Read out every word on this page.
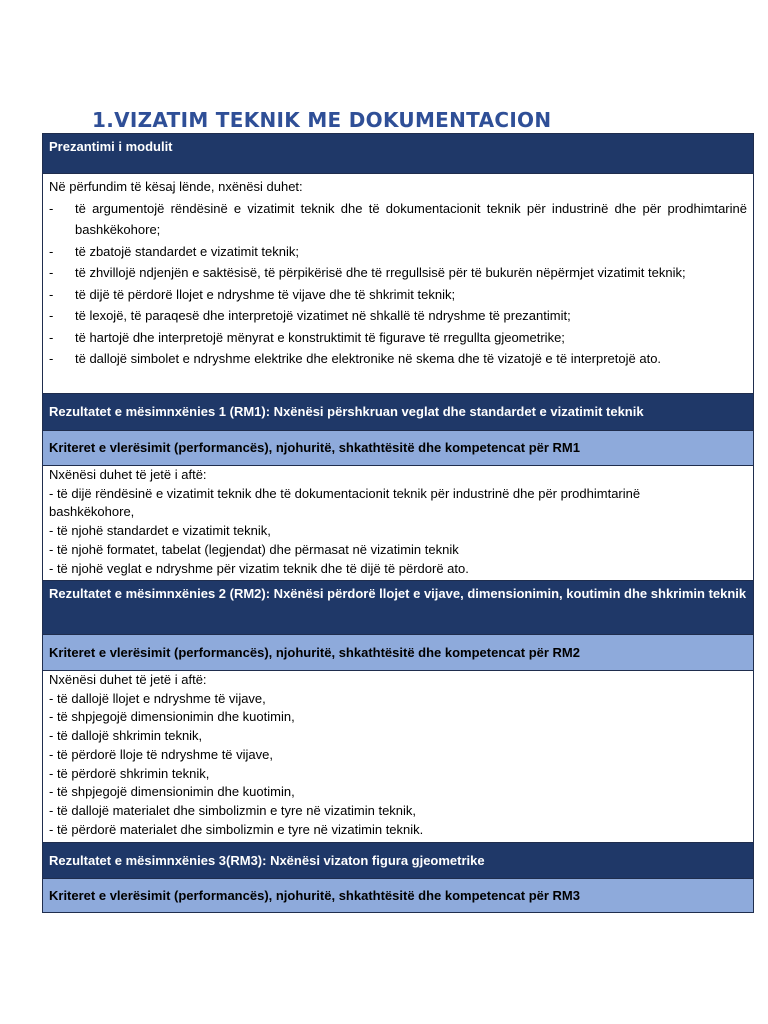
1.VIZATIM TEKNIK ME DOKUMENTACION
Prezantimi i modulit
Në përfundim të kësaj lënde, nxënësi duhet:
-	të argumentojë rëndësinë e vizatimit teknik dhe të dokumentacionit teknik për industrinë dhe për prodhimtarinë bashkëkohore;
-	të zbatojë standardet e vizatimit teknik;
-	të zhvillojë ndjenjën e saktësisë, të përpikërisë dhe të rregullsisë për të bukurën nëpërmjet vizatimit teknik;
-	të dijë të përdorë llojet e ndryshme të vijave dhe të shkrimit teknik;
-	të lexojë, të paraqesë dhe interpretojë vizatimet në shkallë të ndryshme të prezantimit;
-	të hartojë dhe interpretojë mënyrat e konstruktimit të figurave të rregullta gjeometrike;
-	të dallojë simbolet e ndryshme elektrike dhe elektronike në skema dhe të vizatojë e të interpretojë ato.
Rezultatet e mësimnxënies 1 (RM1): Nxënësi përshkruan veglat dhe standardet e vizatimit teknik
Kriteret e vlerësimit (performancës), njohuritë, shkathtësitë dhe kompetencat për RM1
Nxënësi duhet të jetë i aftë:
- të dijë rëndësinë e vizatimit teknik dhe të dokumentacionit teknik për industrinë dhe për prodhimtarinë
bashkëkohore,
- të njohë standardet e vizatimit teknik,
- të njohë formatet, tabelat (legjendat) dhe përmasat në vizatimin teknik
- të njohë veglat e ndryshme për vizatim teknik dhe të dijë të përdorë ato.
Rezultatet e mësimnxënies 2 (RM2): Nxënësi përdorë llojet e vijave, dimensionimin, koutimin dhe shkrimin teknik
Kriteret e vlerësimit (performancës), njohuritë, shkathtësitë dhe kompetencat për RM2
Nxënësi duhet të jetë i aftë:
- të dallojë llojet e ndryshme të vijave,
- të shpjegojë dimensionimin dhe kuotimin,
- të dallojë shkrimin teknik,
- të përdorë lloje të ndryshme të vijave,
- të përdorë shkrimin teknik,
- të shpjegojë dimensionimin dhe kuotimin,
- të dallojë materialet dhe simbolizmin e tyre në vizatimin teknik,
- të përdorë materialet dhe simbolizmin e tyre në vizatimin teknik.
Rezultatet e mësimnxënies 3(RM3): Nxënësi vizaton figura gjeometrike
Kriteret e vlerësimit (performancës), njohuritë, shkathtësitë dhe kompetencat për RM3
